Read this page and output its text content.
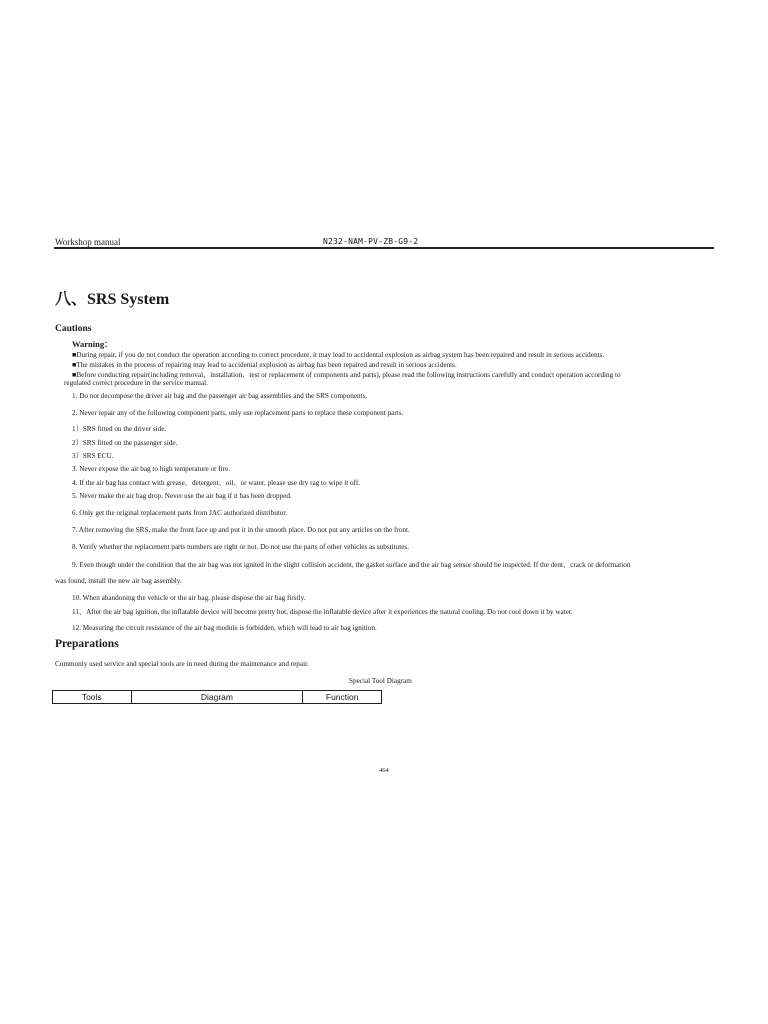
Workshop manual	N232-NAM-PV-ZB-G9-2
八、SRS System
Cautions
Warning：
■During repair, if you do not conduct the operation according to correct procedure, it may lead to accidental explosion as airbag system has been repaired and result in serious accidents.
■The mistakes in the process of repairing may lead to accidental explosion as airbag has been repaired and result in serious accidents.
■Before conducting repair(including removal、installation、test or replacement of components and parts), please read the following instructions carefully and conduct operation according to
regulated correct procedure in the service manual.
1. Do not decompose the driver air bag and the passenger air bag assemblies and the SRS components.
2. Never repair any of the following component parts, only use replacement parts to replace these component parts.
1）SRS fitted on the driver side.
2）SRS fitted on the passenger side.
3）SRS ECU.
3. Never expose the air bag to high temperature or fire.
4. If the air bag has contact with grease、detergent、oil、or water, please use dry rag to wipe it off.
5. Never make the air bag drop. Never use the air bag if it has been dropped.
6. Only get the original replacement parts from JAC authorized distributor.
7. After removing the SRS, make the front face up and put it in the smooth place. Do not put any articles on the front.
8. Verify whether the replacement parts numbers are right or not. Do not use the parts of other vehicles as substitutes.
9. Even though under the condition that the air bag was not ignited in the slight collision accident, the gasket surface and the air bag sensor should be inspected. If the dent、crack or deformation
was found, install the new air bag assembly.
10. When abandoning the vehicle or the air bag, please dispose the air bag firstly.
11、After the air bag ignition, the inflatable device will become pretty hot, dispose the inflatable device after it experiences the natural cooling. Do not cool down it by water.
12. Measuring the circuit resistance of the air bag module is forbidden, which will lead to air bag ignition.
Preparations
Commonly used service and special tools are in need during the maintenance and repair.
Special Tool Diagram
Tools	Diagram	Function
464
